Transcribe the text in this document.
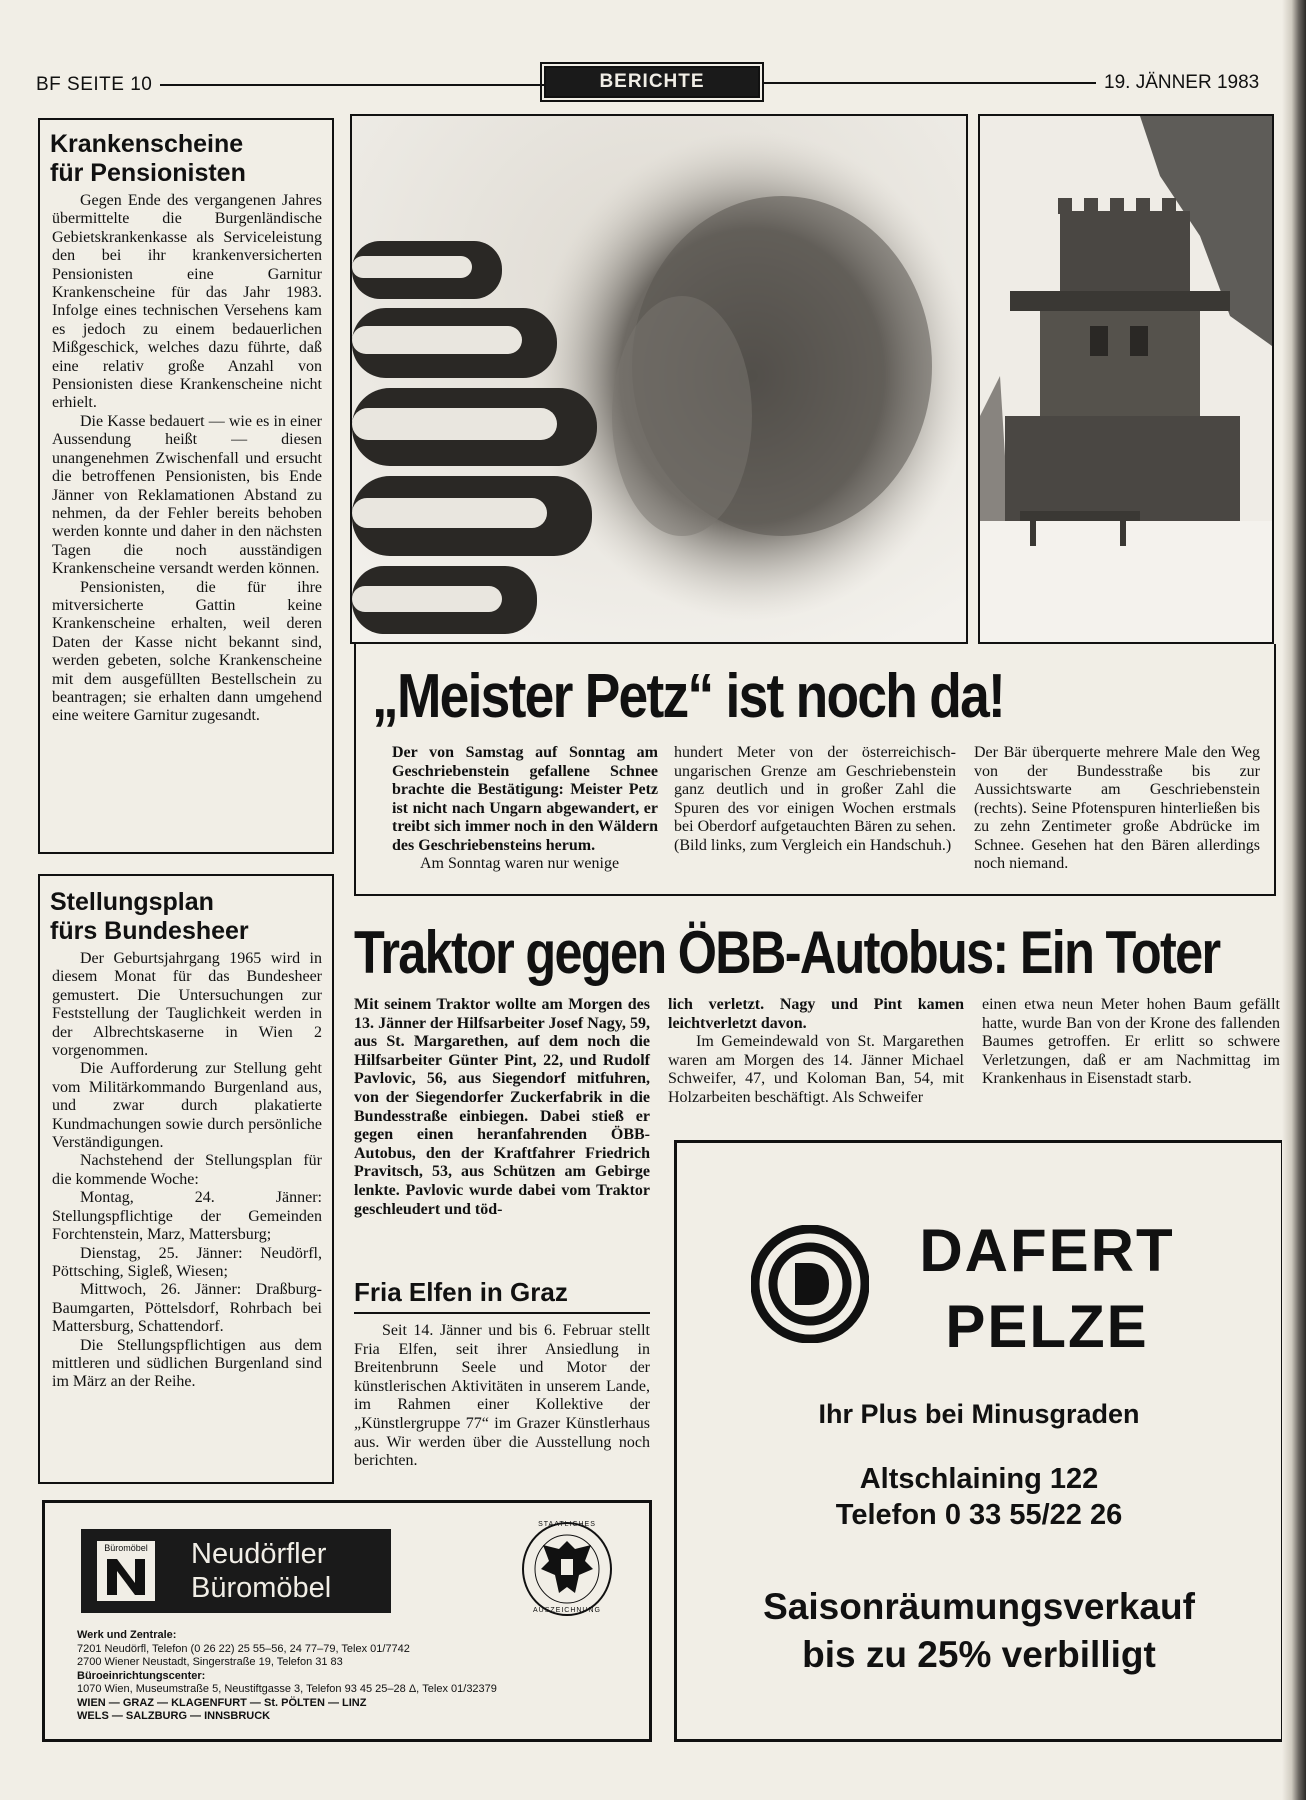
BF SEITE 10	BERICHTE	19. JÄNNER 1983
Krankenscheine
für Pensionisten

Gegen Ende des vergangenen Jahres übermittelte die Burgenländische Gebietskrankenkasse als Serviceleistung den bei ihr krankenversicherten Pensionisten eine Garnitur Krankenscheine für das Jahr 1983. Infolge eines technischen Versehens kam es jedoch zu einem bedauerlichen Mißgeschick, welches dazu führte, daß eine relativ große Anzahl von Pensionisten diese Krankenscheine nicht erhielt.

Die Kasse bedauert — wie es in einer Aussendung heißt — diesen unangenehmen Zwischenfall und ersucht die betroffenen Pensionisten, bis Ende Jänner von Reklamationen Abstand zu nehmen, da der Fehler bereits behoben werden konnte und daher in den nächsten Tagen die noch ausständigen Krankenscheine versandt werden können.

Pensionisten, die für ihre mitversicherte Gattin keine Krankenscheine erhalten, weil deren Daten der Kasse nicht bekannt sind, werden gebeten, solche Krankenscheine mit dem ausgefüllten Bestellschein zu beantragen; sie erhalten dann umgehend eine weitere Garnitur zugesandt.

Stellungsplan
fürs Bundesheer

Der Geburtsjahrgang 1965 wird in diesem Monat für das Bundesheer gemustert. Die Untersuchungen zur Feststellung der Tauglichkeit werden in der Albrechtskaserne in Wien 2 vorgenommen.

Die Aufforderung zur Stellung geht vom Militärkommando Burgenland aus, und zwar durch plakatierte Kundmachungen sowie durch persönliche Verständigungen.

Nachstehend der Stellungsplan für die kommende Woche:

Montag, 24. Jänner: Stellungspflichtige der Gemeinden Forchtenstein, Marz, Mattersburg;

Dienstag, 25. Jänner: Neudörfl, Pöttsching, Sigleß, Wiesen;

Mittwoch, 26. Jänner: Draßburg-Baumgarten, Pöttelsdorf, Rohrbach bei Mattersburg, Schattendorf.

Die Stellungspflichtigen aus dem mittleren und südlichen Burgenland sind im März an der Reihe.

„Meister Petz“ ist noch da!
Der von Samstag auf Sonntag am Geschriebenstein gefallene Schnee brachte die Bestätigung: Meister Petz ist nicht nach Ungarn abgewandert, er treibt sich immer noch in den Wäldern des Geschriebensteins herum.
Am Sonntag waren nur wenige
hundert Meter von der österreichisch-ungarischen Grenze am Geschriebenstein ganz deutlich und in großer Zahl die Spuren des vor einigen Wochen erstmals bei Oberdorf aufgetauchten Bären zu sehen. (Bild links, zum Vergleich ein Handschuh.)
Der Bär überquerte mehrere Male den Weg von der Bundesstraße bis zur Aussichtswarte am Geschriebenstein (rechts). Seine Pfotenspuren hinterließen bis zu zehn Zentimeter große Abdrücke im Schnee. Gesehen hat den Bären allerdings noch niemand.
Traktor gegen ÖBB-Autobus: Ein Toter
Mit seinem Traktor wollte am Morgen des 13. Jänner der Hilfsarbeiter Josef Nagy, 59, aus St. Margarethen, auf dem noch die Hilfsarbeiter Günter Pint, 22, und Rudolf Pavlovic, 56, aus Siegendorf mitfuhren, von der Siegendorfer Zuckerfabrik in die Bundesstraße einbiegen. Dabei stieß er gegen einen heranfahrenden ÖBB-Autobus, den der Kraftfahrer Friedrich Pravitsch, 53, aus Schützen am Gebirge lenkte. Pavlovic wurde dabei vom Traktor geschleudert und töd-
lich verletzt. Nagy und Pint kamen leichtverletzt davon.
Im Gemeindewald von St. Margarethen waren am Morgen des 14. Jänner Michael Schweifer, 47, und Koloman Ban, 54, mit Holzarbeiten beschäftigt. Als Schweifer
einen etwa neun Meter hohen Baum gefällt hatte, wurde Ban von der Krone des fallenden Baumes getroffen. Er erlitt so schwere Verletzungen, daß er am Nachmittag im Krankenhaus in Eisenstadt starb.
Fria Elfen in Graz
Seit 14. Jänner und bis 6. Februar stellt Fria Elfen, seit ihrer Ansiedlung in Breitenbrunn Seele und Motor der künstlerischen Aktivitäten in unserem Lande, im Rahmen einer Kollektive der „Künstlergruppe 77“ im Grazer Künstlerhaus aus. Wir werden über die Ausstellung noch berichten.
Büromöbel Neudörfler
Büromöbel
STAATLICHES
AUSZEICHNUNG
Werk und Zentrale:
7201 Neudörfl, Telefon (0 26 22) 25 55–56, 24 77–79, Telex 01/7742
2700 Wiener Neustadt, Singerstraße 19, Telefon 31 83
Büroeinrichtungscenter:
1070 Wien, Museumstraße 5, Neustiftgasse 3, Telefon 93 45 25–28 Δ, Telex 01/32379
WIEN — GRAZ — KLAGENFURT — St. PÖLTEN — LINZ
WELS — SALZBURG — INNSBRUCK
DAFERT
PELZE
Ihr Plus bei Minusgraden
Altschlaining 122
Telefon 0 33 55/22 26
Saisonräumungsverkauf
bis zu 25% verbilligt
